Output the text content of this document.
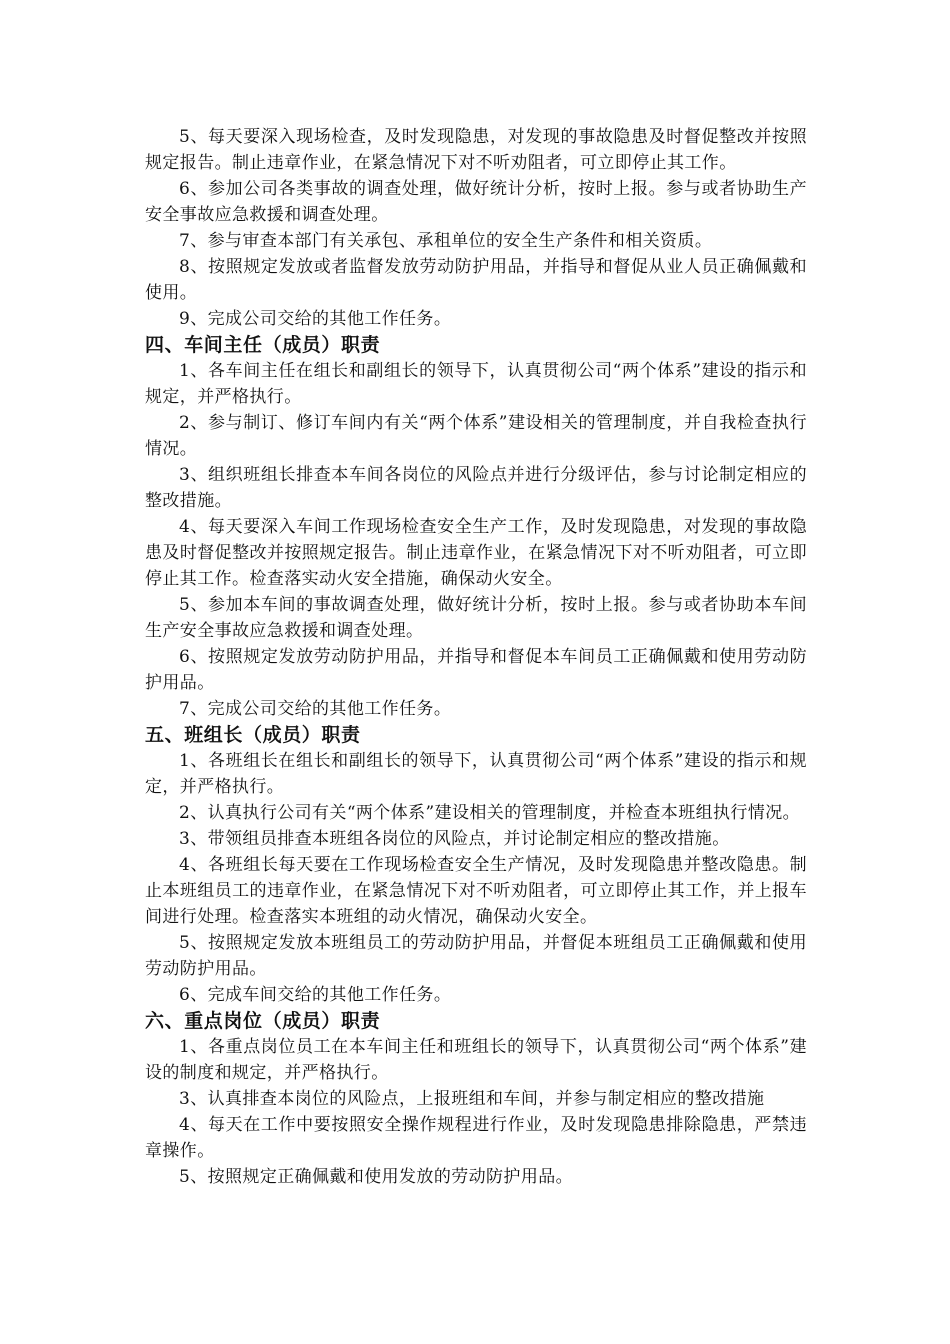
5、每天要深入现场检查，及时发现隐患，对发现的事故隐患及时督促整改并按照规定报告。制止违章作业，在紧急情况下对不听劝阻者，可立即停止其工作。

6、参加公司各类事故的调查处理，做好统计分析，按时上报。参与或者协助生产安全事故应急救援和调查处理。

7、参与审查本部门有关承包、承租单位的安全生产条件和相关资质。

8、按照规定发放或者监督发放劳动防护用品，并指导和督促从业人员正确佩戴和使用。

9、完成公司交给的其他工作任务。

四、车间主任（成员）职责

1、各车间主任在组长和副组长的领导下，认真贯彻公司“两个体系”建设的指示和规定，并严格执行。

2、参与制订、修订车间内有关“两个体系”建设相关的管理制度，并自我检查执行情况。

3、组织班组长排查本车间各岗位的风险点并进行分级评估，参与讨论制定相应的整改措施。

4、每天要深入车间工作现场检查安全生产工作，及时发现隐患，对发现的事故隐患及时督促整改并按照规定报告。制止违章作业，在紧急情况下对不听劝阻者，可立即停止其工作。检查落实动火安全措施，确保动火安全。

5、参加本车间的事故调查处理，做好统计分析，按时上报。参与或者协助本车间生产安全事故应急救援和调查处理。

6、按照规定发放劳动防护用品，并指导和督促本车间员工正确佩戴和使用劳动防护用品。

7、完成公司交给的其他工作任务。

五、班组长（成员）职责

1、各班组长在组长和副组长的领导下，认真贯彻公司“两个体系”建设的指示和规定，并严格执行。

2、认真执行公司有关“两个体系”建设相关的管理制度，并检查本班组执行情况。

3、带领组员排查本班组各岗位的风险点，并讨论制定相应的整改措施。

4、各班组长每天要在工作现场检查安全生产情况，及时发现隐患并整改隐患。制止本班组员工的违章作业，在紧急情况下对不听劝阻者，可立即停止其工作，并上报车间进行处理。检查落实本班组的动火情况，确保动火安全。

5、按照规定发放本班组员工的劳动防护用品，并督促本班组员工正确佩戴和使用劳动防护用品。

6、完成车间交给的其他工作任务。

六、重点岗位（成员）职责

1、各重点岗位员工在本车间主任和班组长的领导下，认真贯彻公司“两个体系”建设的制度和规定，并严格执行。

3、认真排查本岗位的风险点，上报班组和车间，并参与制定相应的整改措施

4、每天在工作中要按照安全操作规程进行作业，及时发现隐患排除隐患，严禁违章操作。

5、按照规定正确佩戴和使用发放的劳动防护用品。
